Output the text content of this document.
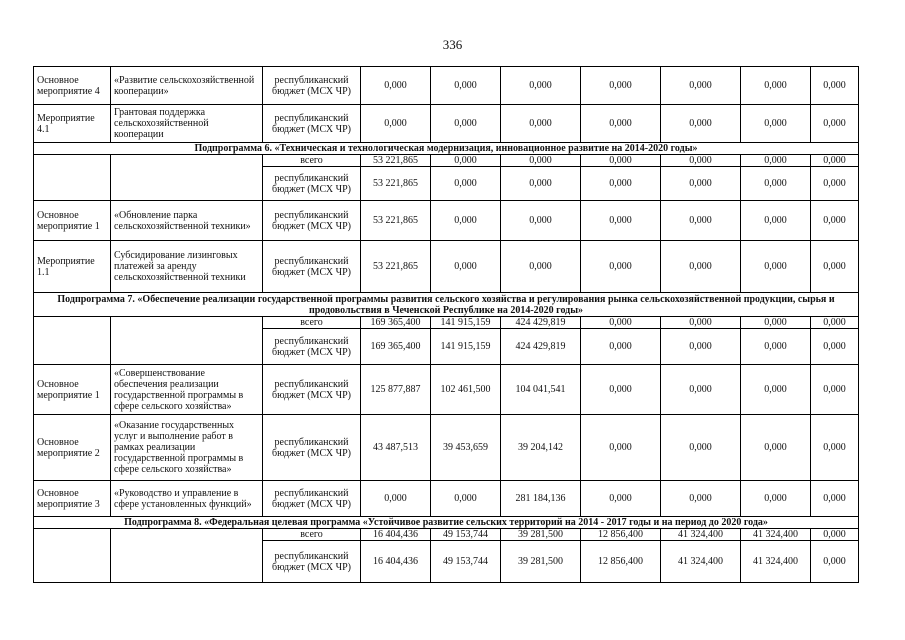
336
Основное мероприятие 4	«Развитие сельскохозяйственной кооперации»	республиканский бюджет (МСХ ЧР)	0,000	0,000	0,000	0,000	0,000	0,000	0,000
Мероприятие 4.1	Грантовая поддержка сельскохозяйственной кооперации	республиканский бюджет (МСХ ЧР)	0,000	0,000	0,000	0,000	0,000	0,000	0,000
Подпрограмма 6. «Техническая и технологическая модернизация, инновационное развитие на 2014-2020 годы»									
		всего	53 221,865	0,000	0,000	0,000	0,000	0,000	0,000
		республиканский бюджет (МСХ ЧР)	53 221,865	0,000	0,000	0,000	0,000	0,000	0,000
Основное мероприятие 1	«Обновление парка сельскохозяйственной техники»	республиканский бюджет (МСХ ЧР)	53 221,865	0,000	0,000	0,000	0,000	0,000	0,000
Мероприятие 1.1	Субсидирование лизинговых платежей за аренду сельскохозяйственной техники	республиканский бюджет (МСХ ЧР)	53 221,865	0,000	0,000	0,000	0,000	0,000	0,000
Подпрограмма 7. «Обеспечение реализации государственной программы развития сельского хозяйства и регулирования рынка сельскохозяйственной продукции, сырья и продовольствия в Чеченской Республике на 2014-2020 годы»									
		всего	169 365,400	141 915,159	424 429,819	0,000	0,000	0,000	0,000
		республиканский бюджет (МСХ ЧР)	169 365,400	141 915,159	424 429,819	0,000	0,000	0,000	0,000
Основное мероприятие 1	«Совершенствование обеспечения реализации государственной программы в сфере сельского хозяйства»	республиканский бюджет (МСХ ЧР)	125 877,887	102 461,500	104 041,541	0,000	0,000	0,000	0,000
Основное мероприятие 2	«Оказание государственных услуг и выполнение работ в рамках реализации государственной программы в сфере сельского хозяйства»	республиканский бюджет (МСХ ЧР)	43 487,513	39 453,659	39 204,142	0,000	0,000	0,000	0,000
Основное мероприятие 3	«Руководство и управление в сфере установленных функций»	республиканский бюджет (МСХ ЧР)	0,000	0,000	281 184,136	0,000	0,000	0,000	0,000
Подпрограмма 8. «Федеральная целевая программа «Устойчивое развитие сельских территорий на 2014 - 2017 годы и на период до 2020 года»									
		всего	16 404,436	49 153,744	39 281,500	12 856,400	41 324,400	41 324,400	0,000
		республиканский бюджет (МСХ ЧР)	16 404,436	49 153,744	39 281,500	12 856,400	41 324,400	41 324,400	0,000
